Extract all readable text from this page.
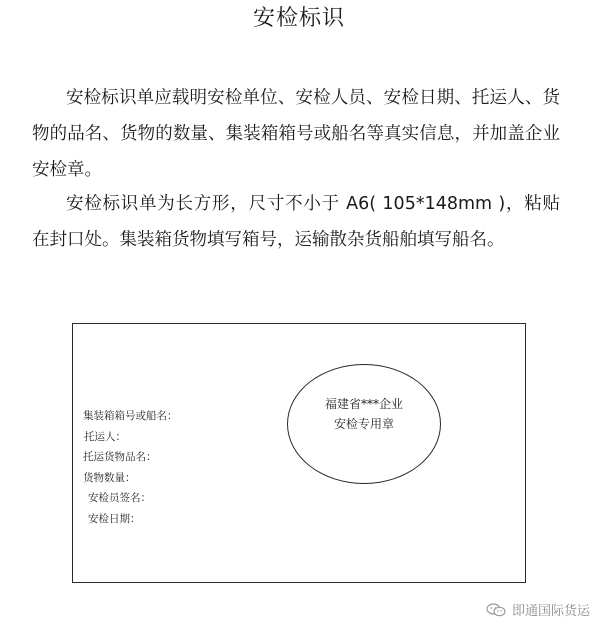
安检标识

安检标识单应载明安检单位、安检人员、安检日期、托运人、货物的品名、货物的数量、集装箱箱号或船名等真实信息，并加盖企业安检章。

安检标识单为长方形，尺寸不小于 A6( 105*148mm )，粘贴在封口处。集装箱货物填写箱号，运输散杂货船舶填写船名。

集装箱箱号或船名：
托运人：
托运货物品名：
货物数量：
安检员签名：
安检日期：
福建省***企业
安检专用章
即通国际货运
